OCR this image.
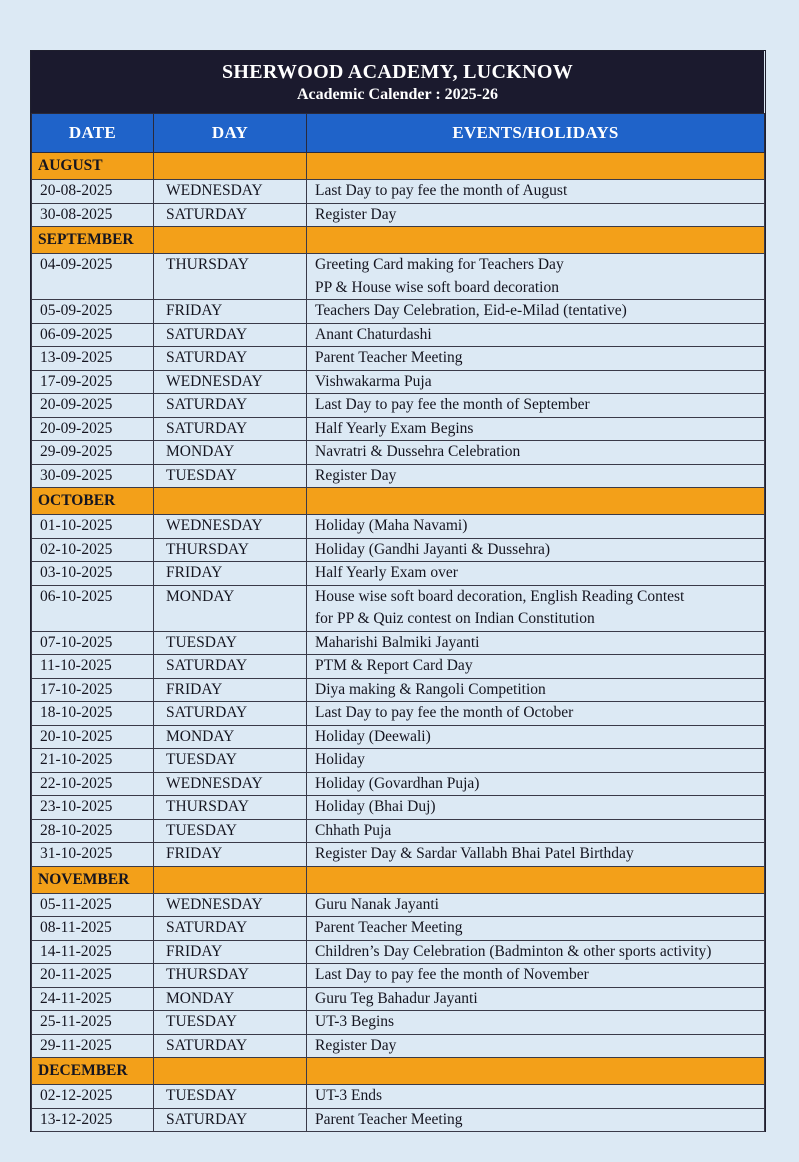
SHERWOOD ACADEMY, LUCKNOW
Academic Calender : 2025-26
DATE	DAY	EVENTS/HOLIDAYS
AUGUST		
20-08-2025	WEDNESDAY	Last Day to pay fee the month of August

30-08-2025	SATURDAY	Register Day

SEPTEMBER		
04-09-2025	THURSDAY	Greeting Card making for Teachers Day
PP & House wise soft board decoration

05-09-2025	FRIDAY	Teachers Day Celebration, Eid-e-Milad (tentative)

06-09-2025	SATURDAY	Anant Chaturdashi

13-09-2025	SATURDAY	Parent Teacher Meeting

17-09-2025	WEDNESDAY	Vishwakarma Puja

20-09-2025	SATURDAY	Last Day to pay fee the month of September

20-09-2025	SATURDAY	Half Yearly Exam Begins

29-09-2025	MONDAY	Navratri & Dussehra Celebration

30-09-2025	TUESDAY	Register Day

OCTOBER		
01-10-2025	WEDNESDAY	Holiday (Maha Navami)

02-10-2025	THURSDAY	Holiday (Gandhi Jayanti & Dussehra)

03-10-2025	FRIDAY	Half Yearly Exam over

06-10-2025	MONDAY	House wise soft board decoration, English Reading Contest
for PP & Quiz contest on Indian Constitution

07-10-2025	TUESDAY	Maharishi Balmiki Jayanti

11-10-2025	SATURDAY	PTM & Report Card Day

17-10-2025	FRIDAY	Diya making & Rangoli Competition

18-10-2025	SATURDAY	Last Day to pay fee the month of October

20-10-2025	MONDAY	Holiday (Deewali)

21-10-2025	TUESDAY	Holiday

22-10-2025	WEDNESDAY	Holiday (Govardhan Puja)

23-10-2025	THURSDAY	Holiday (Bhai Duj)

28-10-2025	TUESDAY	Chhath Puja

31-10-2025	FRIDAY	Register Day & Sardar Vallabh Bhai Patel Birthday

NOVEMBER		
05-11-2025	WEDNESDAY	Guru Nanak Jayanti

08-11-2025	SATURDAY	Parent Teacher Meeting

14-11-2025	FRIDAY	Children’s Day Celebration (Badminton & other sports activity)

20-11-2025	THURSDAY	Last Day to pay fee the month of November

24-11-2025	MONDAY	Guru Teg Bahadur Jayanti

25-11-2025	TUESDAY	UT-3 Begins

29-11-2025	SATURDAY	Register Day

DECEMBER		
02-12-2025	TUESDAY	UT-3 Ends

13-12-2025	SATURDAY	Parent Teacher Meeting
